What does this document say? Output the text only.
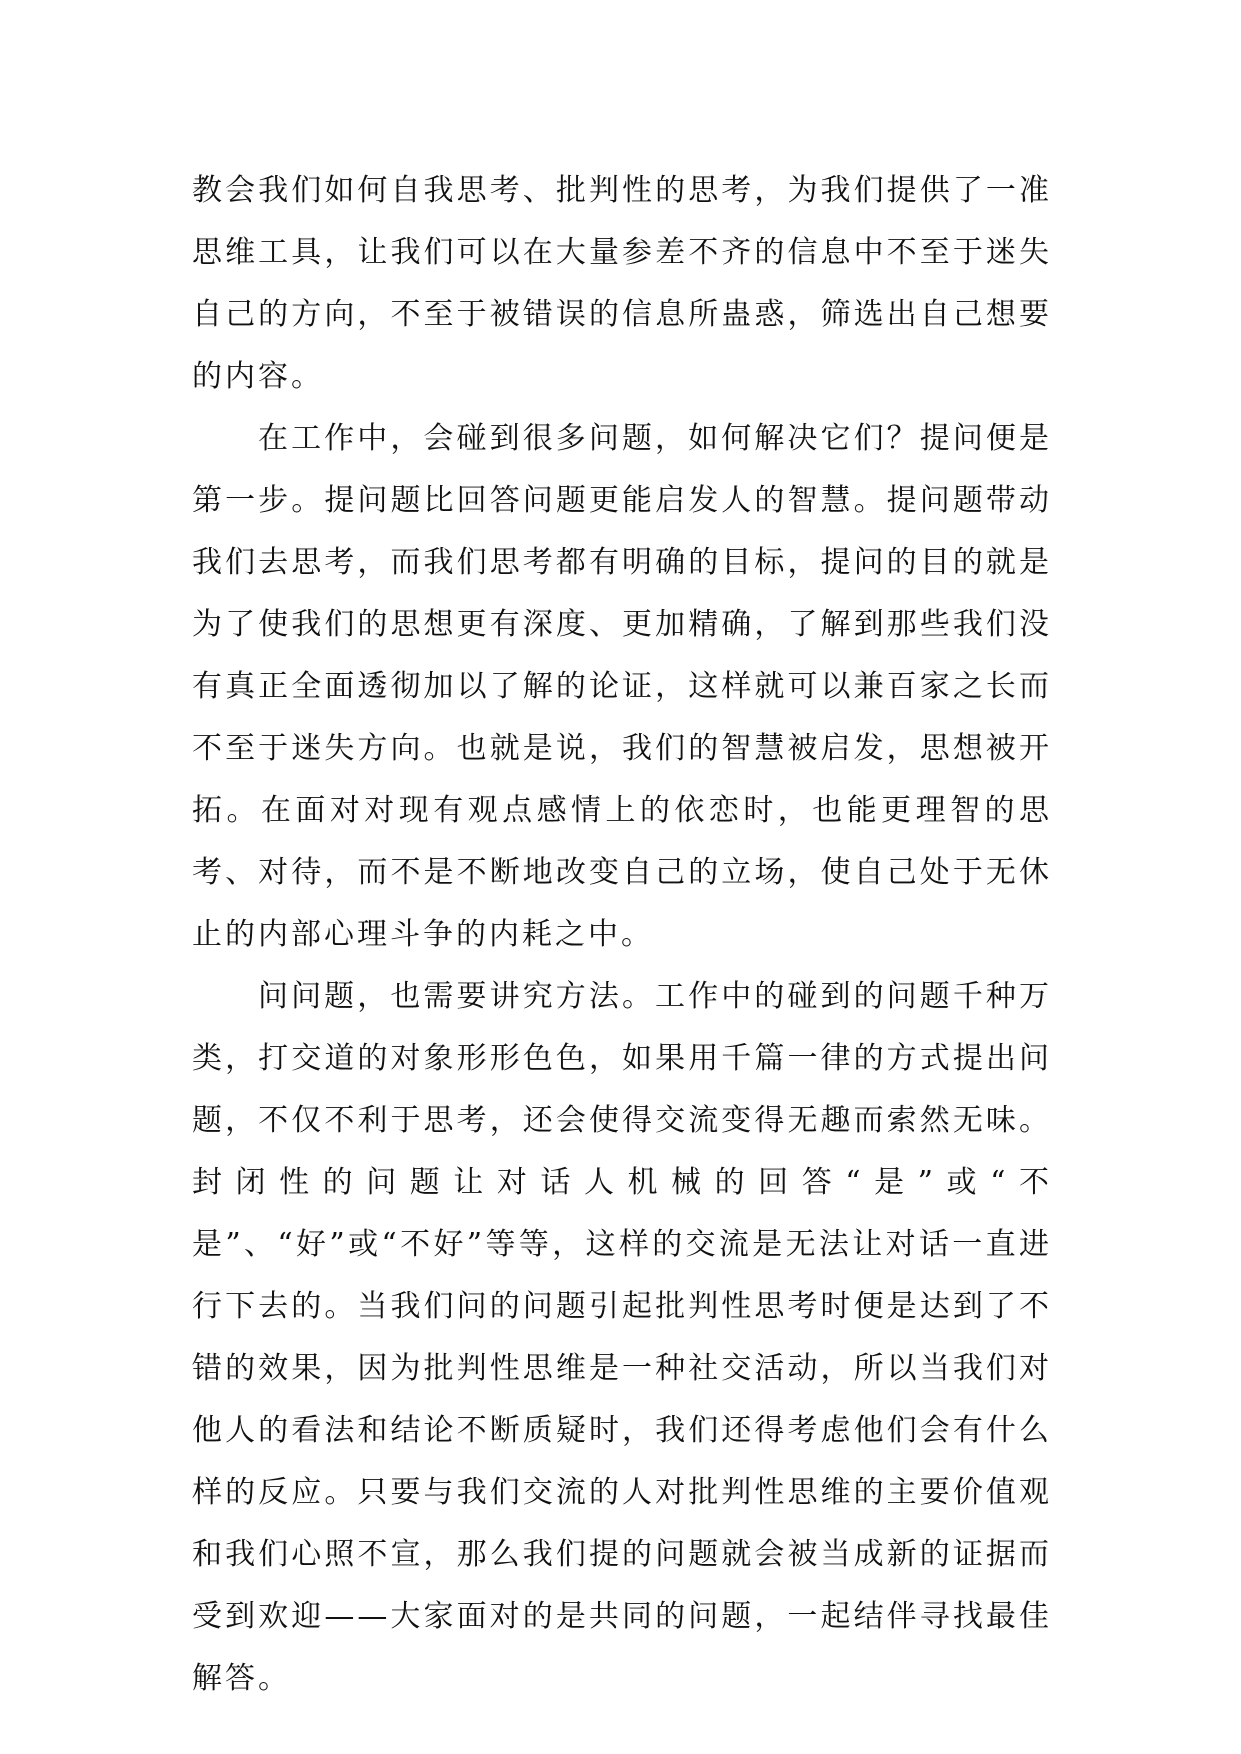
教会我们如何自我思考、批判性的思考，为我们提供了一准思维工具，让我们可以在大量参差不齐的信息中不至于迷失自己的方向，不至于被错误的信息所蛊惑，筛选出自己想要的内容。

在工作中，会碰到很多问题，如何解决它们？提问便是第一步。提问题比回答问题更能启发人的智慧。提问题带动我们去思考，而我们思考都有明确的目标，提问的目的就是为了使我们的思想更有深度、更加精确，了解到那些我们没有真正全面透彻加以了解的论证，这样就可以兼百家之长而不至于迷失方向。也就是说，我们的智慧被启发，思想被开拓。在面对对现有观点感情上的依恋时，也能更理智的思考、对待，而不是不断地改变自己的立场，使自己处于无休止的内部心理斗争的内耗之中。

问问题，也需要讲究方法。工作中的碰到的问题千种万类，打交道的对象形形色色，如果用千篇一律的方式提出问题，不仅不利于思考，还会使得交流变得无趣而索然无味。封闭性的问题让对话人机械的回答“是”或“不是”、“好”或“不好”等等，这样的交流是无法让对话一直进行下去的。当我们问的问题引起批判性思考时便是达到了不错的效果，因为批判性思维是一种社交活动，所以当我们对他人的看法和结论不断质疑时，我们还得考虑他们会有什么样的反应。只要与我们交流的人对批判性思维的主要价值观和我们心照不宣，那么我们提的问题就会被当成新的证据而受到欢迎——大家面对的是共同的问题，一起结伴寻找最佳解答。
